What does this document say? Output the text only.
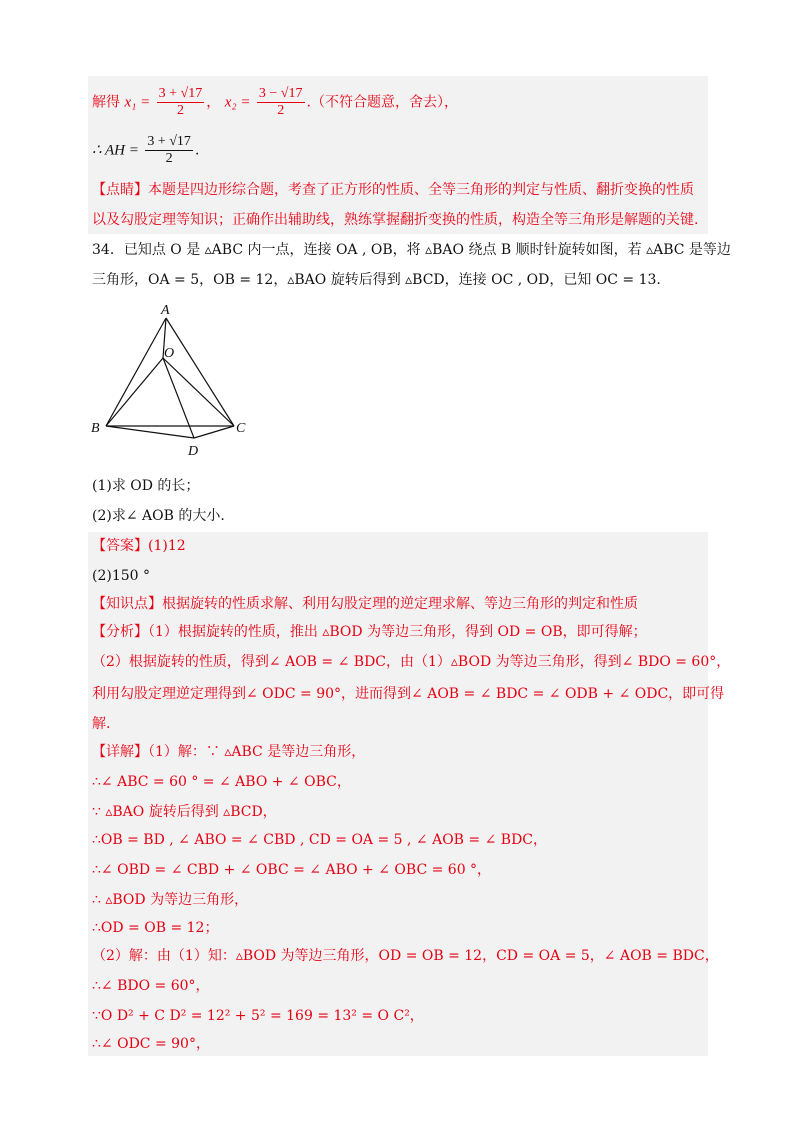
解得 $x_1 = \frac{3 + √17}{2}$ ， $x_2 = \frac{3 - √17}{2}$ .（不符合题意，舍去），
∴ AH = $\frac{3 + √17}{2}$ .
【点睛】本题是四边形综合题，考查了正方形的性质、全等三角形的判定与性质、翻折变换的性质
以及勾股定理等知识；正确作出辅助线，熟练掌握翻折变换的性质，构造全等三角形是解题的关键.
34．已知点 O 是 ▵ABC 内一点，连接 OA , OB，将 ▵BAO 绕点 B 顺时针旋转如图，若 ▵ABC 是等边
三角形，OA = 5，OB = 12，▵BAO 旋转后得到 ▵BCD，连接 OC , OD，已知 OC = 13.
A
O
B	C
D
(1)求 OD 的长；
(2)求∠ AOB 的大小.
【答案】(1)12
(2)150 °
【知识点】根据旋转的性质求解、利用勾股定理的逆定理求解、等边三角形的判定和性质
【分析】（1）根据旋转的性质，推出 ▵BOD 为等边三角形，得到 OD = OB，即可得解；
（2）根据旋转的性质，得到∠ AOB = ∠ BDC，由（1）▵BOD 为等边三角形，得到∠ BDO = 60°，
利用勾股定理逆定理得到∠ ODC = 90°，进而得到∠ AOB = ∠ BDC = ∠ ODB + ∠ ODC，即可得
解.
【详解】（1）解：∵ ▵ABC 是等边三角形，
∴∠ ABC = 60 ° = ∠ ABO + ∠ OBC，
∵ ▵BAO 旋转后得到 ▵BCD，
∴OB = BD , ∠ ABO = ∠ CBD , CD = OA = 5 , ∠ AOB = ∠ BDC，
∴∠ OBD = ∠ CBD + ∠ OBC = ∠ ABO + ∠ OBC = 60 °，
∴ ▵BOD 为等边三角形，
∴OD = OB = 12；
（2）解：由（1）知：▵BOD 为等边三角形，OD = OB = 12，CD = OA = 5，∠ AOB = BDC，
∴∠ BDO = 60°，
∵O D² + C D² = 12² + 5² = 169 = 13² = O C²，
∴∠ ODC = 90°，
